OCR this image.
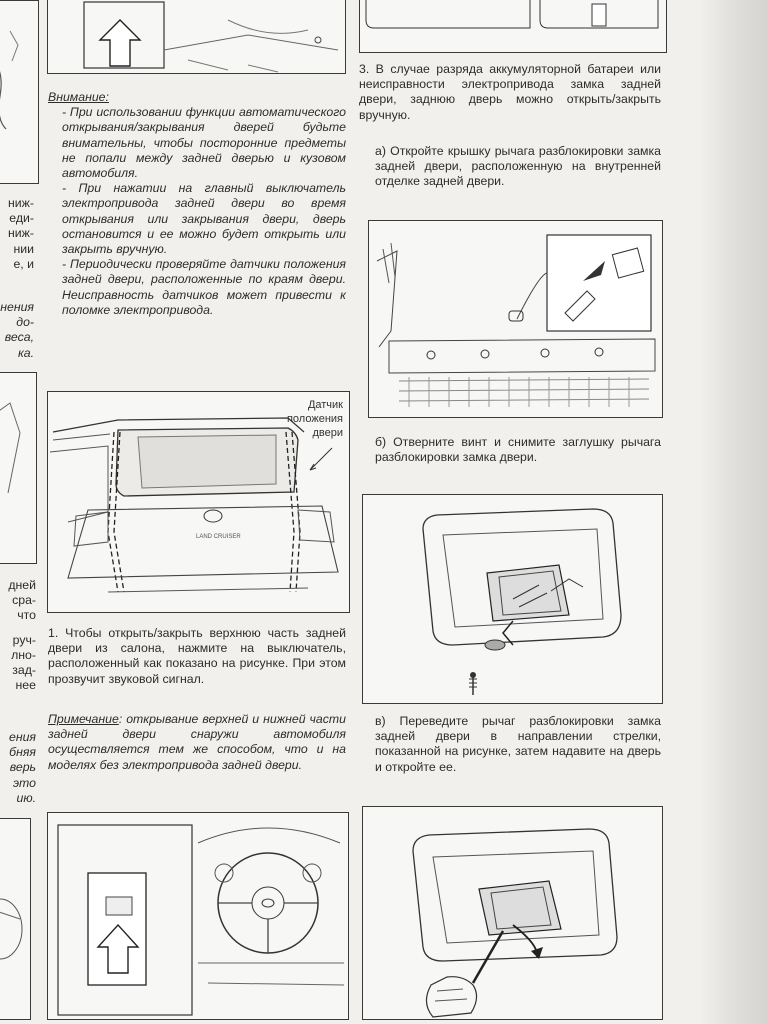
ниж-
еди-
ниж-
нии
е, и
нения
до-
веса,
ка.
дней
сра-
что
руч-
лно-
зад-
нее
ения
бняя
верь
это
ию.
Внимание:
- При использовании функции автоматического открывания/закрывания дверей будьте внимательны, чтобы посторонние предметы не попали между задней дверью и кузовом автомобиля.
- При нажатии на главный выключатель электропривода задней двери во время открывания или закрывания двери, дверь остановится и ее можно будет открыть или закрыть вручную.
- Периодически проверяйте датчики положения задней двери, расположенные по краям двери. Неисправность датчиков может привести к поломке электропривода.
LAND CRUISER
Датчик
положения
двери
1. Чтобы открыть/закрыть верхнюю часть задней двери из салона, нажмите на выключатель, расположенный как показано на рисунке. При этом прозвучит звуковой сигнал.
Примечание: открывание верхней и нижней части задней двери снаружи автомобиля осуществляется тем же способом, что и на моделях без электропривода задней двери.
3. В случае разряда аккумуляторной батареи или неисправности электропривода замка задней двери, заднюю дверь можно открыть/закрыть вручную.
а) Откройте крышку рычага разблокировки замка задней двери, расположенную на внутренней отделке задней двери.
б) Отверните винт и снимите заглушку рычага разблокировки замка двери.
в) Переведите рычаг разблокировки замка задней двери в направлении стрелки, показанной на рисунке, затем надавите на дверь и откройте ее.
